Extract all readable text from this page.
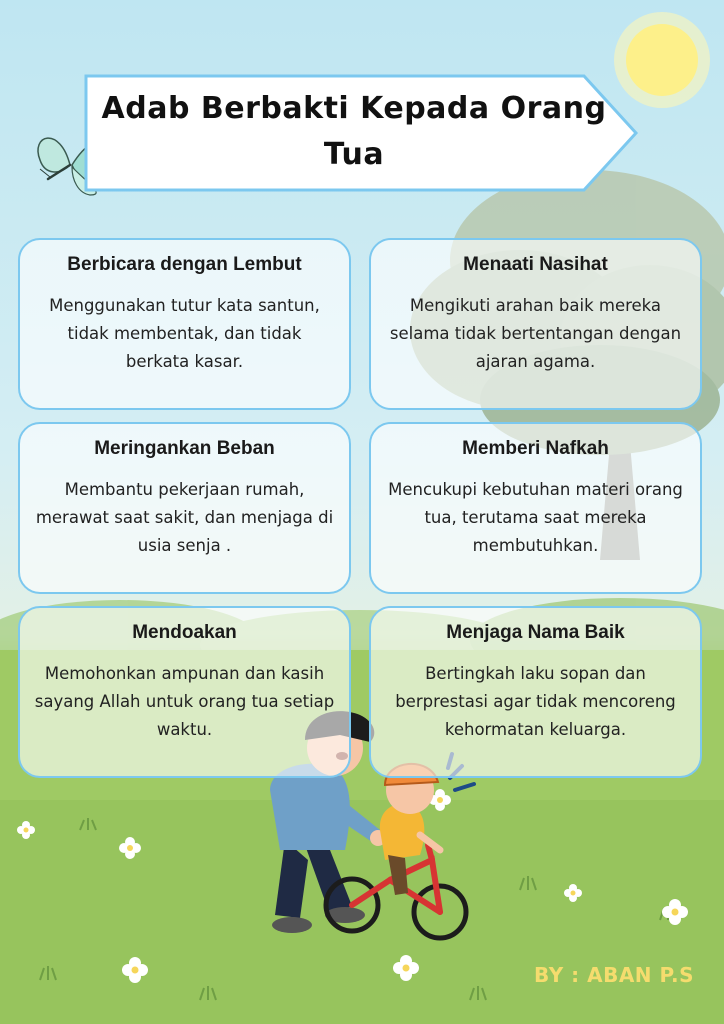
Adab Berbakti Kepada Orang Tua
Berbicara dengan Lembut

Menggunakan tutur kata santun, tidak membentak, dan tidak berkata kasar.

Menaati Nasihat

Mengikuti arahan baik mereka selama tidak bertentangan dengan ajaran agama.

Meringankan Beban

Membantu pekerjaan rumah, merawat saat sakit, dan menjaga di usia senja .

Memberi Nafkah

Mencukupi kebutuhan materi orang tua, terutama saat mereka membutuhkan.

Mendoakan

Memohonkan ampunan dan kasih sayang Allah untuk orang tua setiap waktu.

Menjaga Nama Baik

Bertingkah laku sopan dan berprestasi agar tidak mencoreng kehormatan keluarga.

BY : ABAN P.S
